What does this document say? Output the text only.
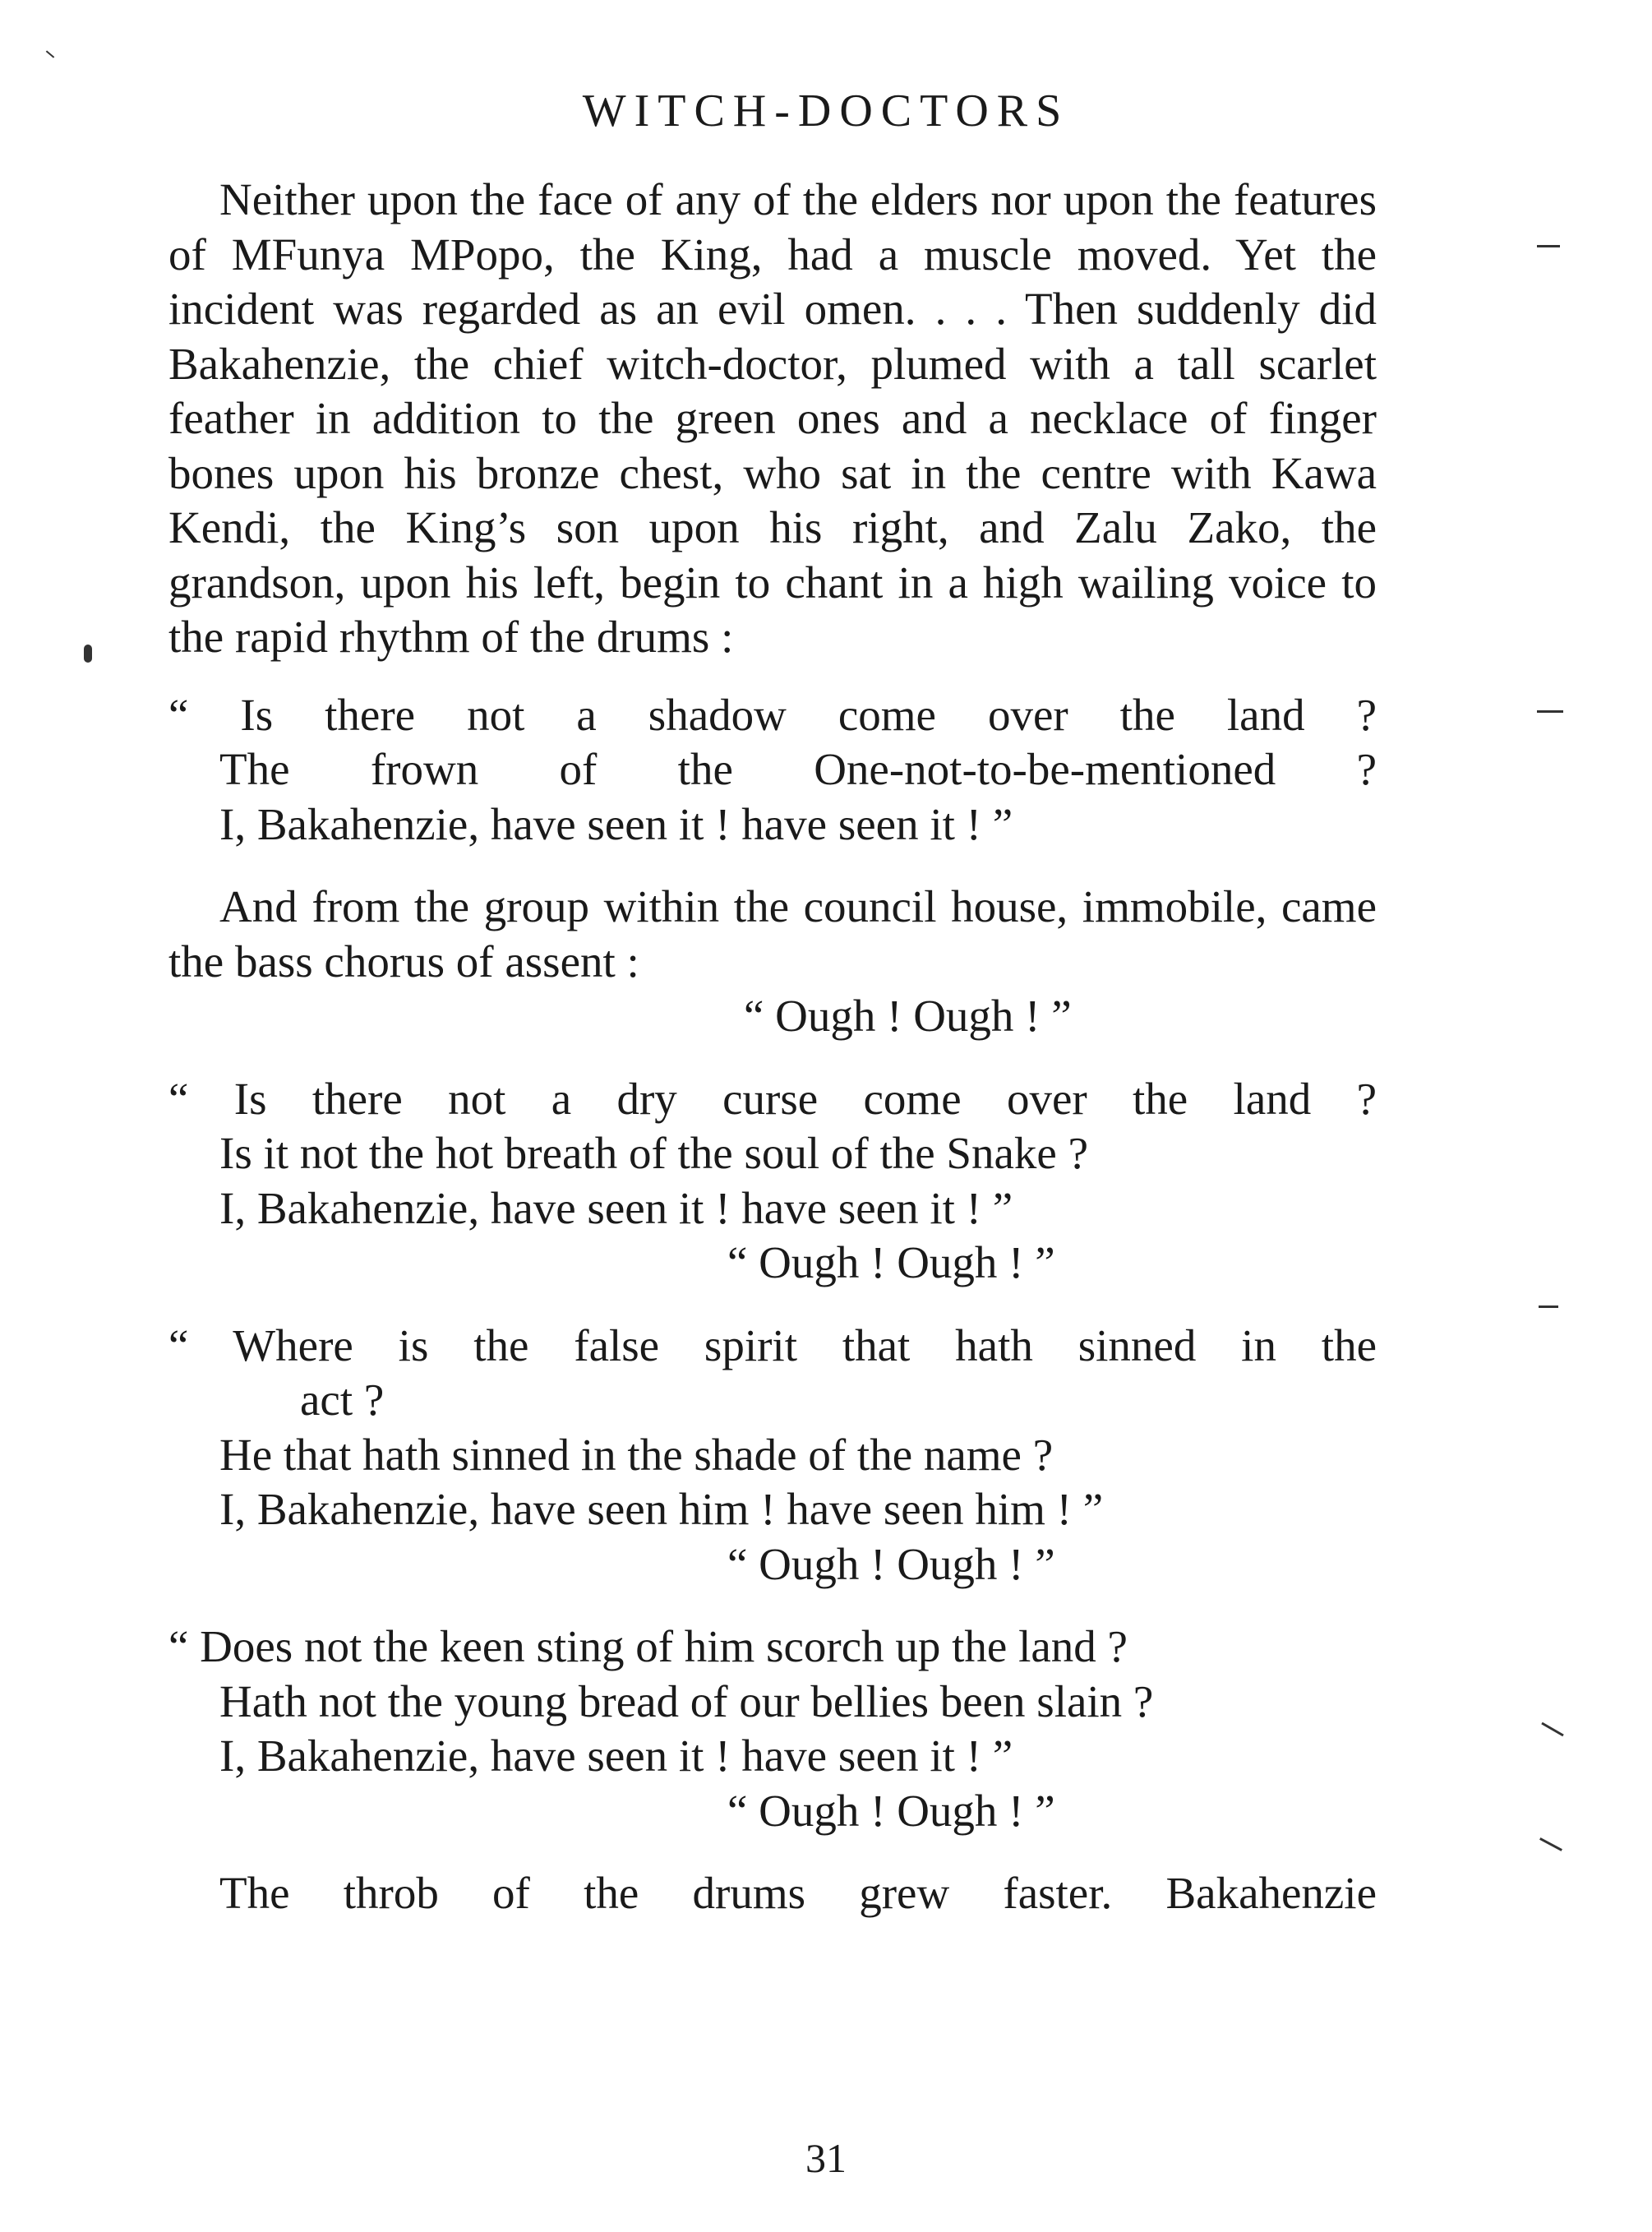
WITCH-DOCTORS

Neither upon the face of any of the elders nor upon the features of MFunya MPopo, the King, had a muscle moved. Yet the incident was regarded as an evil omen. . . . Then suddenly did Bakahenzie, the chief witch-doctor, plumed with a tall scarlet feather in addition to the green ones and a necklace of finger bones upon his bronze chest, who sat in the centre with Kawa Kendi, the King’s son upon his right, and Zalu Zako, the grandson, upon his left, begin to chant in a high wailing voice to the rapid rhythm of the drums :

“ Is there not a shadow come over the land ?
The frown of the One-not-to-be-mentioned ?
I, Bakahenzie, have seen it ! have seen it ! ”

And from the group within the council house, immobile, came the bass chorus of assent :

“ Ough ! Ough ! ”
“ Is there not a dry curse come over the land ?
Is it not the hot breath of the soul of the Snake ?
I, Bakahenzie, have seen it ! have seen it ! ”
“ Ough ! Ough ! ”
“ Where is the false spirit that hath sinned in the
act ?
He that hath sinned in the shade of the name ?
I, Bakahenzie, have seen him ! have seen him ! ”
“ Ough ! Ough ! ”
“ Does not the keen sting of him scorch up the land ?
Hath not the young bread of our bellies been slain ?
I, Bakahenzie, have seen it ! have seen it ! ”
“ Ough ! Ough ! ”

The throb of the drums grew faster. Bakahenzie

31
